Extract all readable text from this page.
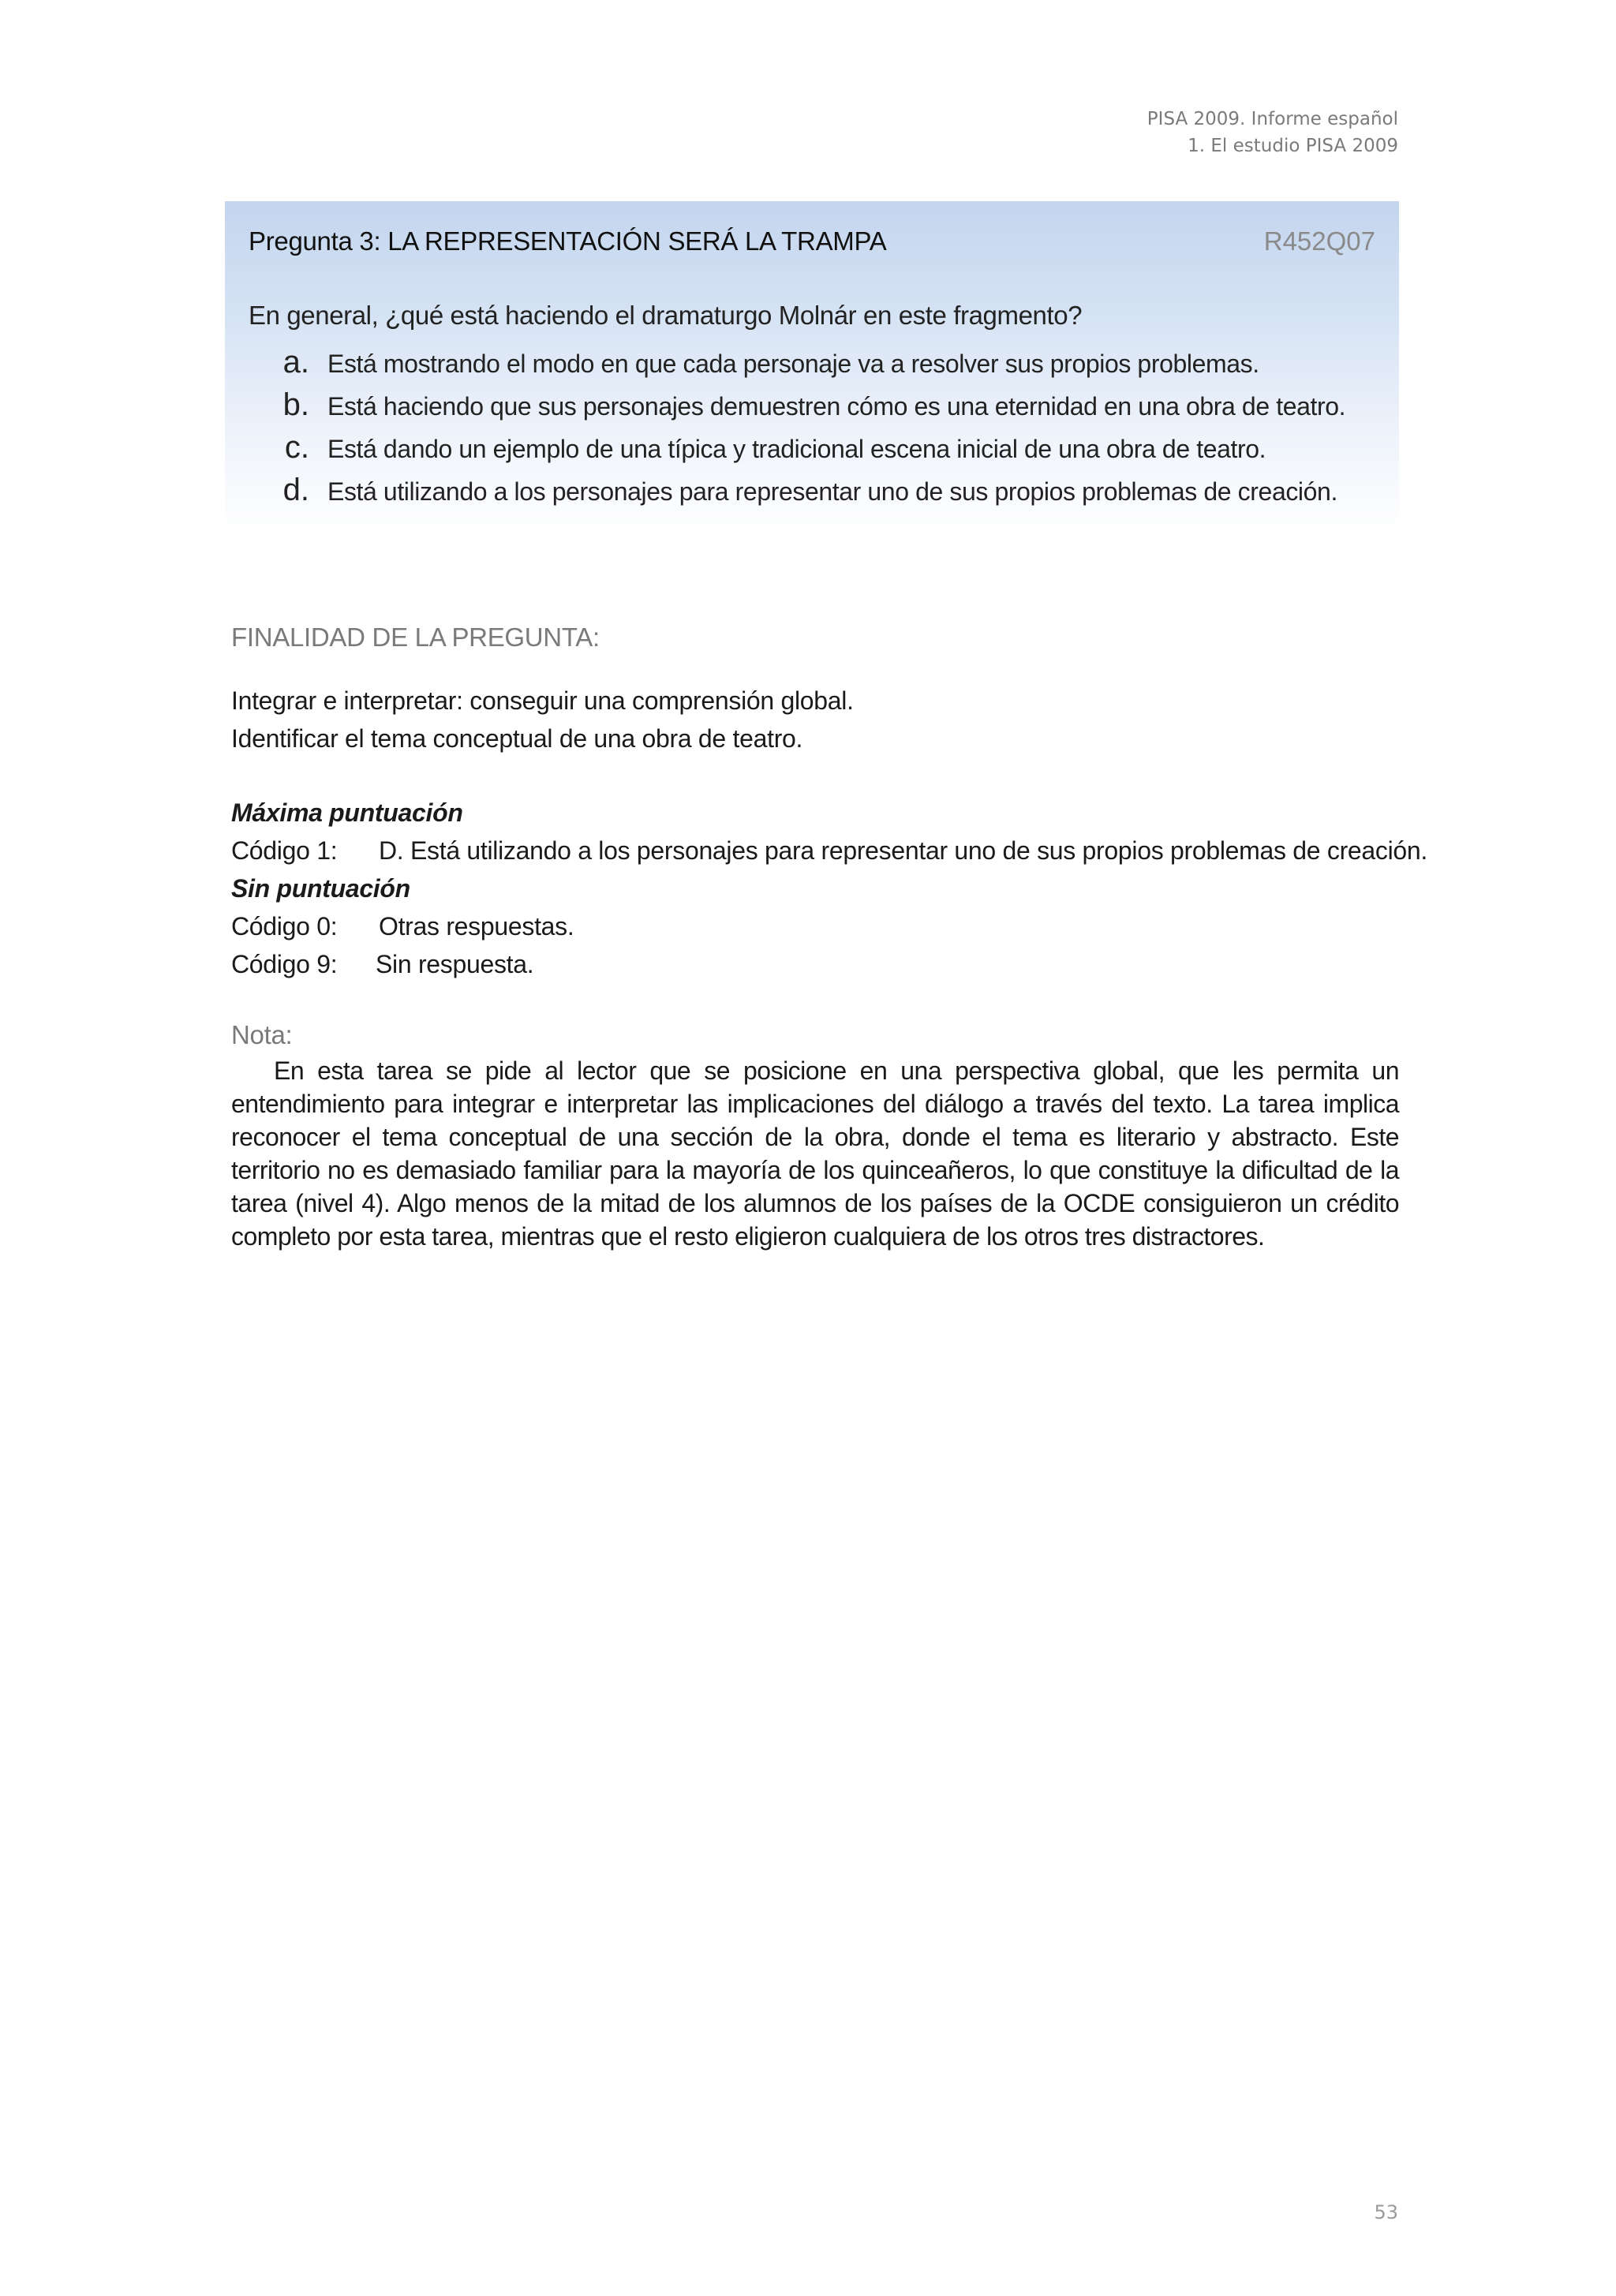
PISA 2009. Informe español
1. El estudio PISA 2009
Pregunta 3: LA REPRESENTACIÓN SERÁ LA TRAMPA	R452Q07
En general, ¿qué está haciendo el dramaturgo Molnár en este fragmento?
a. Está mostrando el modo en que cada personaje va a resolver sus propios problemas.
b. Está haciendo que sus personajes demuestren cómo es una eternidad en una obra de teatro.
c. Está dando un ejemplo de una típica y tradicional escena inicial de una obra de teatro.
d. Está utilizando a los personajes para representar uno de sus propios problemas de creación.
FINALIDAD DE LA PREGUNTA:
Integrar e interpretar: conseguir una comprensión global.
Identificar el tema conceptual de una obra de teatro.
Máxima puntuación
Código 1:	D. Está utilizando a los personajes para representar uno de sus propios problemas de creación.
Sin puntuación
Código 0:	Otras respuestas.
Código 9:	Sin respuesta.
Nota:
En esta tarea se pide al lector que se posicione en una perspectiva global, que les permita un entendimiento para integrar e interpretar las implicaciones del diálogo a través del texto. La tarea implica reconocer el tema conceptual de una sección de la obra, donde el tema es literario y abstracto. Este territorio no es demasiado familiar para la mayoría de los quinceañeros, lo que constituye la dificultad de la tarea (nivel 4). Algo menos de la mitad de los alumnos de los países de la OCDE consiguieron un crédito completo por esta tarea, mientras que el resto eligieron cualquiera de los otros tres distractores.
53
